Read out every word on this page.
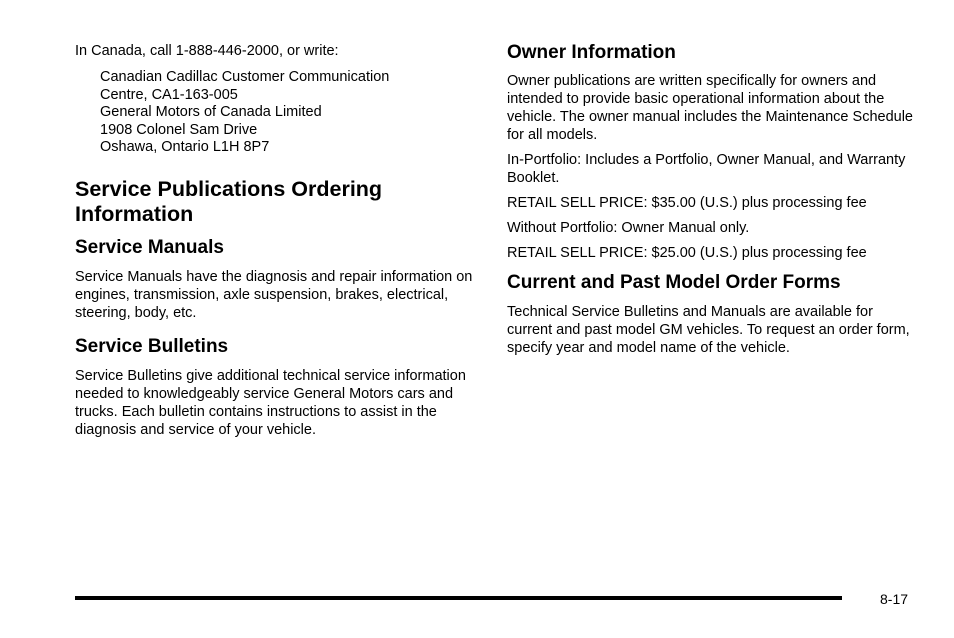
In Canada, call 1-888-446-2000, or write:

Canadian Cadillac Customer Communication
Centre, CA1-163-005
General Motors of Canada Limited
1908 Colonel Sam Drive
Oshawa, Ontario L1H 8P7
Service Publications Ordering Information
Service Manuals

Service Manuals have the diagnosis and repair information on engines, transmission, axle suspension, brakes, electrical, steering, body, etc.

Service Bulletins

Service Bulletins give additional technical service information needed to knowledgeably service General Motors cars and trucks. Each bulletin contains instructions to assist in the diagnosis and service of your vehicle.

Owner Information

Owner publications are written specifically for owners and intended to provide basic operational information about the vehicle. The owner manual includes the Maintenance Schedule for all models.

In-Portfolio: Includes a Portfolio, Owner Manual, and Warranty Booklet.

RETAIL SELL PRICE: $35.00 (U.S.) plus processing fee

Without Portfolio: Owner Manual only.

RETAIL SELL PRICE: $25.00 (U.S.) plus processing fee

Current and Past Model Order Forms

Technical Service Bulletins and Manuals are available for current and past model GM vehicles. To request an order form, specify year and model name of the vehicle.

8-17
